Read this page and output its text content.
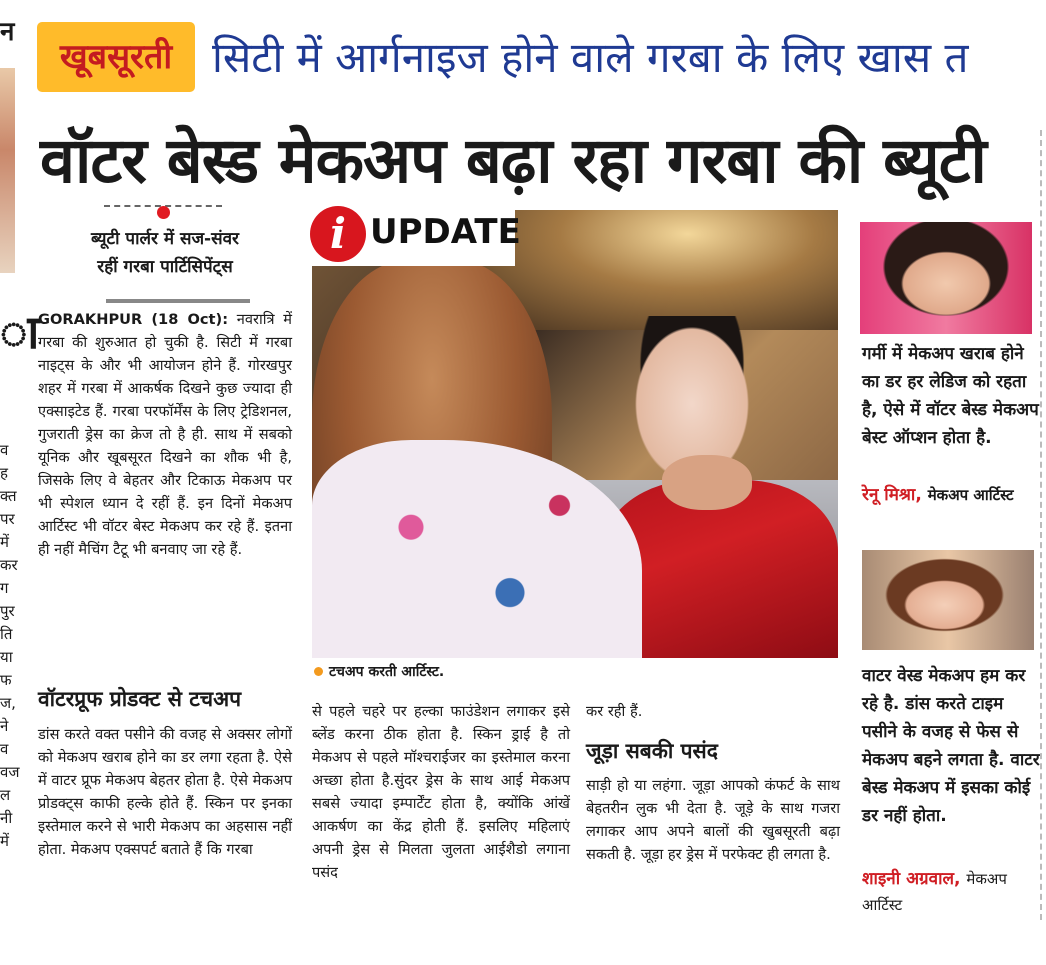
न
ा
व
ह
क्त
पर
में
कर
ग
पुर
ति
या
फ
ज,
ने
व
वज
ल
नी
में
खूबसूरती सिटी में आर्गनाइज होने वाले गरबा के लिए खास त
वॉटर बेस्ड मेकअप बढ़ा रहा गरबा की ब्यूटी
ब्यूटी पार्लर में सज-संवर
रहीं गरबा पार्टिसिपेंट्स
GORAKHPUR (18 Oct): नवरात्रि में गरबा की शुरुआत हो चुकी है. सिटी में गरबा नाइट्स के और भी आयोजन होने हैं. गोरखपुर शहर में गरबा में आकर्षक दिखने कुछ ज्यादा ही एक्साइटेड हैं. गरबा परफॉर्मेंस के लिए ट्रेडिशनल, गुजराती ड्रेस का क्रेज तो है ही. साथ में सबको यूनिक और खूबसूरत दिखने का शौक भी है, जिसके लिए वे बेहतर और टिकाऊ मेकअप पर भी स्पेशल ध्यान दे रहीं हैं. इन दिनों मेकअप आर्टिस्ट भी वॉटर बेस्ट मेकअप कर रहे हैं. इतना ही नहीं मैचिंग टैटू भी बनवाए जा रहे हैं.
वॉटरप्रूफ प्रोडक्ट से टचअप
डांस करते वक्त पसीने की वजह से अक्सर लोगों को मेकअप खराब होने का डर लगा रहता है. ऐसे में वाटर प्रूफ मेकअप बेहतर होता है. ऐसे मेकअप प्रोडक्ट्स काफी हल्के होते हैं. स्किन पर इनका इस्तेमाल करने से भारी मेकअप का अहसास नहीं होता. मेकअप एक्सपर्ट बताते हैं कि गरबा
i UPDATE
टचअप करती आर्टिस्ट.
से पहले चहरे पर हल्का फाउंडेशन लगाकर इसे ब्लेंड करना ठीक होता है. स्किन ड्राई है तो मेकअप से पहले मॉश्चराईजर का इस्तेमाल करना अच्छा होता है.सुंदर ड्रेस के साथ आई मेकअप सबसे ज्यादा इम्पार्टेंट होता है, क्योंकि आंखें आकर्षण का केंद्र होती हैं. इसलिए महिलाएं अपनी ड्रेस से मिलता जुलता आईशैडो लगाना पसंद
कर रही हैं.
जूड़ा सबकी पसंद
साड़ी हो या लहंगा. जूड़ा आपको कंफर्ट के साथ बेहतरीन लुक भी देता है. जूड़े के साथ गजरा लगाकर आप अपने बालों की खुबसूरती बढ़ा सकती है. जूड़ा हर ड्रेस में परफेक्ट ही लगता है.
गर्मी में मेकअप खराब होने का डर हर लेडिज को रहता है, ऐसे में वॉटर बेस्ड मेकअप बेस्ट ऑप्शन होता है.
रेनू मिश्रा, मेकअप आर्टिस्ट
वाटर वेस्ड मेकअप हम कर रहे है. डांस करते टाइम पसीने के वजह से फेस से मेकअप बहने लगता है. वाटर बेस्ड मेकअप में इसका कोई डर नहीं होता.
शाइनी अग्रवाल, मेकअप आर्टिस्ट
